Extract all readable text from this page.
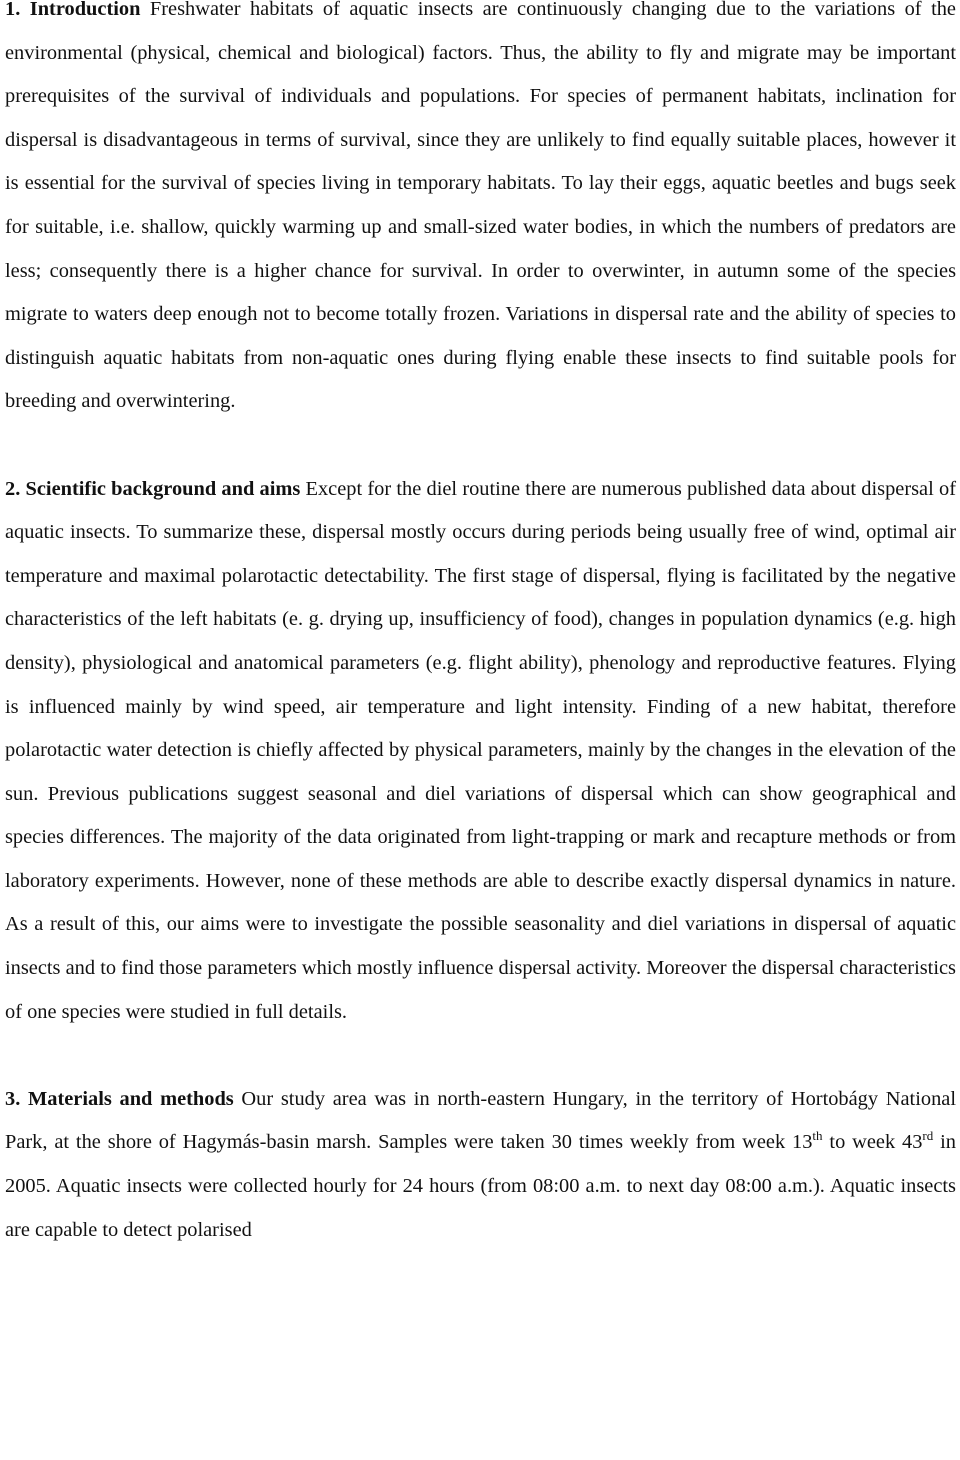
1. Introduction Freshwater habitats of aquatic insects are continuously changing due to the variations of the environmental (physical, chemical and biological) factors. Thus, the ability to fly and migrate may be important prerequisites of the survival of individuals and populations. For species of permanent habitats, inclination for dispersal is disadvantageous in terms of survival, since they are unlikely to find equally suitable places, however it is essential for the survival of species living in temporary habitats. To lay their eggs, aquatic beetles and bugs seek for suitable, i.e. shallow, quickly warming up and small-sized water bodies, in which the numbers of predators are less; consequently there is a higher chance for survival. In order to overwinter, in autumn some of the species migrate to waters deep enough not to become totally frozen. Variations in dispersal rate and the ability of species to distinguish aquatic habitats from non-aquatic ones during flying enable these insects to find suitable pools for breeding and overwintering.

2. Scientific background and aims Except for the diel routine there are numerous published data about dispersal of aquatic insects. To summarize these, dispersal mostly occurs during periods being usually free of wind, optimal air temperature and maximal polarotactic detectability. The first stage of dispersal, flying is facilitated by the negative characteristics of the left habitats (e. g. drying up, insufficiency of food), changes in population dynamics (e.g. high density), physiological and anatomical parameters (e.g. flight ability), phenology and reproductive features. Flying is influenced mainly by wind speed, air temperature and light intensity. Finding of a new habitat, therefore polarotactic water detection is chiefly affected by physical parameters, mainly by the changes in the elevation of the sun. Previous publications suggest seasonal and diel variations of dispersal which can show geographical and species differences. The majority of the data originated from light-trapping or mark and recapture methods or from laboratory experiments. However, none of these methods are able to describe exactly dispersal dynamics in nature. As a result of this, our aims were to investigate the possible seasonality and diel variations in dispersal of aquatic insects and to find those parameters which mostly influence dispersal activity. Moreover the dispersal characteristics of one species were studied in full details.

3. Materials and methods Our study area was in north-eastern Hungary, in the territory of Hortobágy National Park, at the shore of Hagymás-basin marsh. Samples were taken 30 times weekly from week 13th to week 43rd in 2005. Aquatic insects were collected hourly for 24 hours (from 08:00 a.m. to next day 08:00 a.m.). Aquatic insects are capable to detect polarised
